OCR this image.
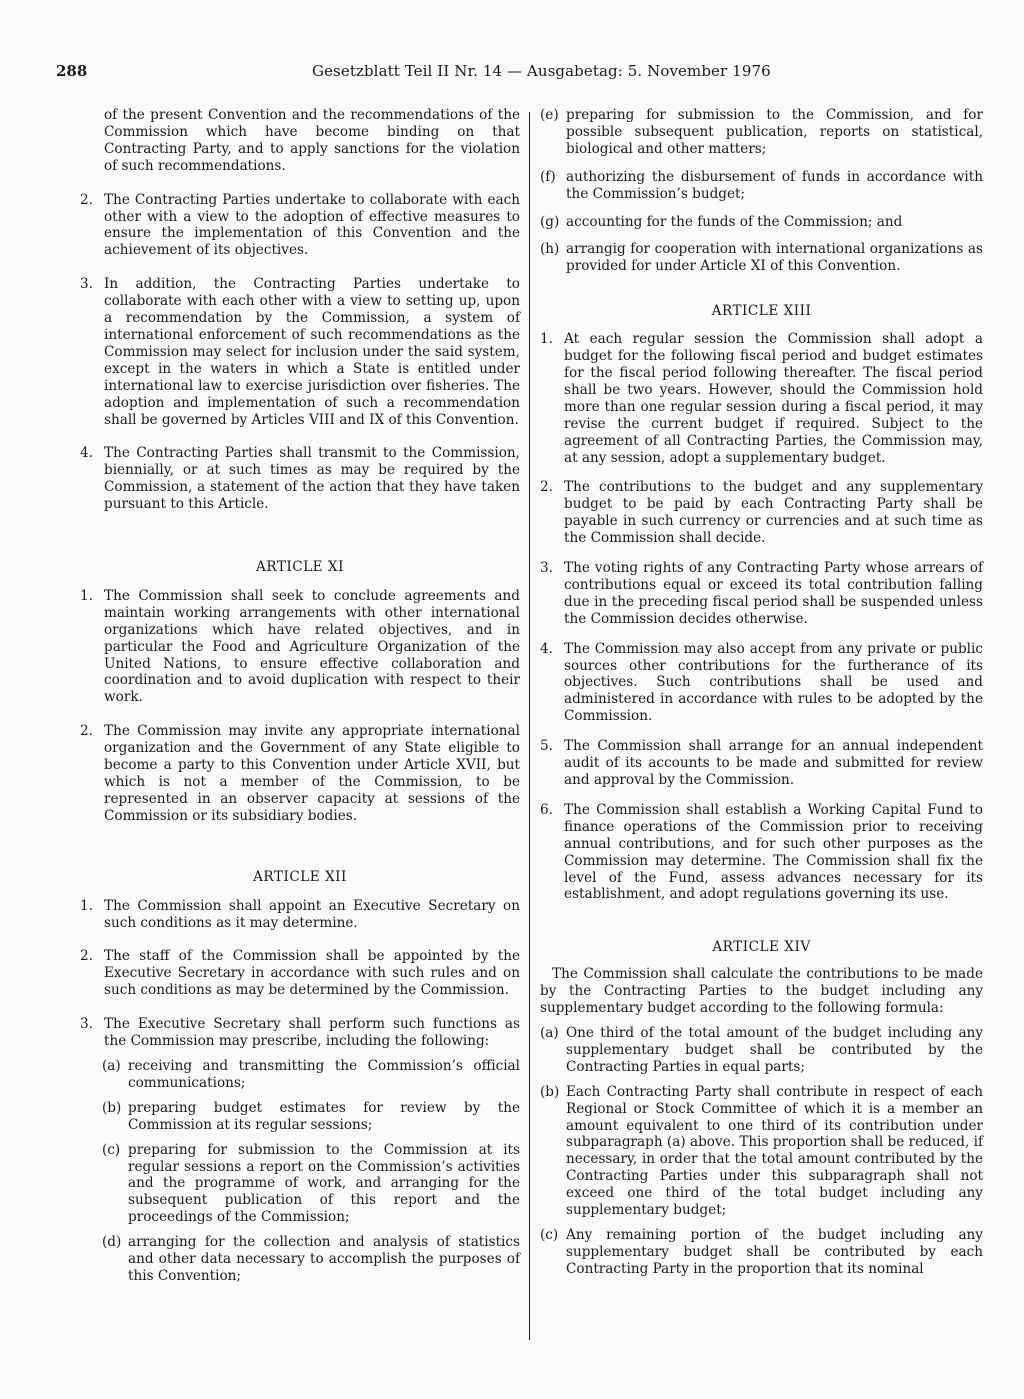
288	Gesetzblatt Teil II Nr. 14 — Ausgabetag: 5. November 1976
of the present Convention and the recommendations of the Commission which have become binding on that Contracting Party, and to apply sanctions for the violation of such recommendations.
2. The Contracting Parties undertake to collaborate with each other with a view to the adoption of effective measures to ensure the implementation of this Convention and the achievement of its objectives.
3. In addition, the Contracting Parties undertake to collaborate with each other with a view to setting up, upon a recommendation by the Commission, a system of international enforcement of such recommendations as the Commission may select for inclusion under the said system, except in the waters in which a State is entitled under international law to exercise jurisdiction over fisheries. The adoption and implementation of such a recommendation shall be governed by Articles VIII and IX of this Convention.
4. The Contracting Parties shall transmit to the Commission, biennially, or at such times as may be required by the Commission, a statement of the action that they have taken pursuant to this Article.
ARTICLE XI
1. The Commission shall seek to conclude agreements and maintain working arrangements with other international organizations which have related objectives, and in particular the Food and Agriculture Organization of the United Nations, to ensure effective collaboration and coordination and to avoid duplication with respect to their work.
2. The Commission may invite any appropriate international organization and the Government of any State eligible to become a party to this Convention under Article XVII, but which is not a member of the Commission, to be represented in an observer capacity at sessions of the Commission or its subsidiary bodies.
ARTICLE XII
1. The Commission shall appoint an Executive Secretary on such conditions as it may determine.
2. The staff of the Commission shall be appointed by the Executive Secretary in accordance with such rules and on such conditions as may be determined by the Commission.
3. The Executive Secretary shall perform such functions as the Commission may prescribe, including the following:
(a) receiving and transmitting the Commission’s official communications;
(b) preparing budget estimates for review by the Commission at its regular sessions;
(c) preparing for submission to the Commission at its regular sessions a report on the Commission’s activities and the programme of work, and arranging for the subsequent publication of this report and the proceedings of the Commission;
(d) arranging for the collection and analysis of statistics and other data necessary to accomplish the purposes of this Convention;
(e) preparing for submission to the Commission, and for possible subsequent publication, reports on statistical, biological and other matters;
(f) authorizing the disbursement of funds in accordance with the Commission’s budget;
(g) accounting for the funds of the Commission; and
(h) arrangig for cooperation with international organizations as provided for under Article XI of this Convention.
ARTICLE XIII
1. At each regular session the Commission shall adopt a budget for the following fiscal period and budget estimates for the fiscal period following thereafter. The fiscal period shall be two years. However, should the Commission hold more than one regular session during a fiscal period, it may revise the current budget if required. Subject to the agreement of all Contracting Parties, the Commission may, at any session, adopt a supplementary budget.
2. The contributions to the budget and any supplementary budget to be paid by each Contracting Party shall be payable in such currency or currencies and at such time as the Commission shall decide.
3. The voting rights of any Contracting Party whose arrears of contributions equal or exceed its total contribution falling due in the preceding fiscal period shall be suspended unless the Commission decides otherwise.
4. The Commission may also accept from any private or public sources other contributions for the furtherance of its objectives. Such contributions shall be used and administered in accordance with rules to be adopted by the Commission.
5. The Commission shall arrange for an annual independent audit of its accounts to be made and submitted for review and approval by the Commission.
6. The Commission shall establish a Working Capital Fund to finance operations of the Commission prior to receiving annual contributions, and for such other purposes as the Commission may determine. The Commission shall fix the level of the Fund, assess advances necessary for its establishment, and adopt regulations governing its use.
ARTICLE XIV
The Commission shall calculate the contributions to be made by the Contracting Parties to the budget including any supplementary budget according to the following formula:
(a) One third of the total amount of the budget including any supplementary budget shall be contributed by the Contracting Parties in equal parts;
(b) Each Contracting Party shall contribute in respect of each Regional or Stock Committee of which it is a member an amount equivalent to one third of its contribution under subparagraph (a) above. This proportion shall be reduced, if necessary, in order that the total amount contributed by the Contracting Parties under this subparagraph shall not exceed one third of the total budget including any supplementary budget;
(c) Any remaining portion of the budget including any supplementary budget shall be contributed by each Contracting Party in the proportion that its nominal
